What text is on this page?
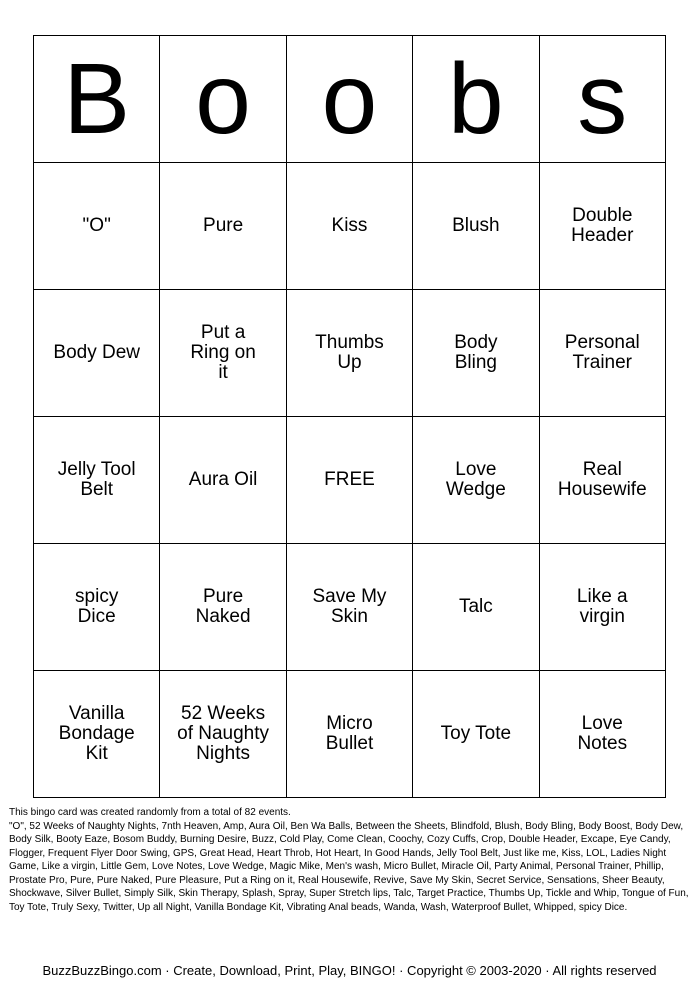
B	o	o	b	s
"O"	Pure	Kiss	Blush	Double Header
Body Dew	Put a Ring on it	Thumbs Up	Body Bling	Personal Trainer
Jelly Tool Belt	Aura Oil	FREE	Love Wedge	Real Housewife
spicy Dice	Pure Naked	Save My Skin	Talc	Like a virgin
Vanilla Bondage Kit	52 Weeks of Naughty Nights	Micro Bullet	Toy Tote	Love Notes

This bingo card was created randomly from a total of 82 events.

"O", 52 Weeks of Naughty Nights, 7nth Heaven, Amp, Aura Oil, Ben Wa Balls, Between the Sheets, Blindfold, Blush, Body Bling, Body Boost, Body Dew, Body Silk, Booty Eaze, Bosom Buddy, Burning Desire, Buzz, Cold Play, Come Clean, Coochy, Cozy Cuffs, Crop, Double Header, Excape, Eye Candy, Flogger, Frequent Flyer Door Swing, GPS, Great Head, Heart Throb, Hot Heart, In Good Hands, Jelly Tool Belt, Just like me, Kiss, LOL, Ladies Night Game, Like a virgin, Little Gem, Love Notes, Love Wedge, Magic Mike, Men's wash, Micro Bullet, Miracle Oil, Party Animal, Personal Trainer, Phillip, Prostate Pro, Pure, Pure Naked, Pure Pleasure, Put a Ring on it, Real Housewife, Revive, Save My Skin, Secret Service, Sensations, Sheer Beauty, Shockwave, Silver Bullet, Simply Silk, Skin Therapy, Splash, Spray, Super Stretch lips, Talc, Target Practice, Thumbs Up, Tickle and Whip, Tongue of Fun, Toy Tote, Truly Sexy, Twitter, Up all Night, Vanilla Bondage Kit, Vibrating Anal beads, Wanda, Wash, Waterproof Bullet, Whipped, spicy Dice.

BuzzBuzzBingo.com · Create, Download, Print, Play, BINGO! · Copyright © 2003-2020 · All rights reserved
